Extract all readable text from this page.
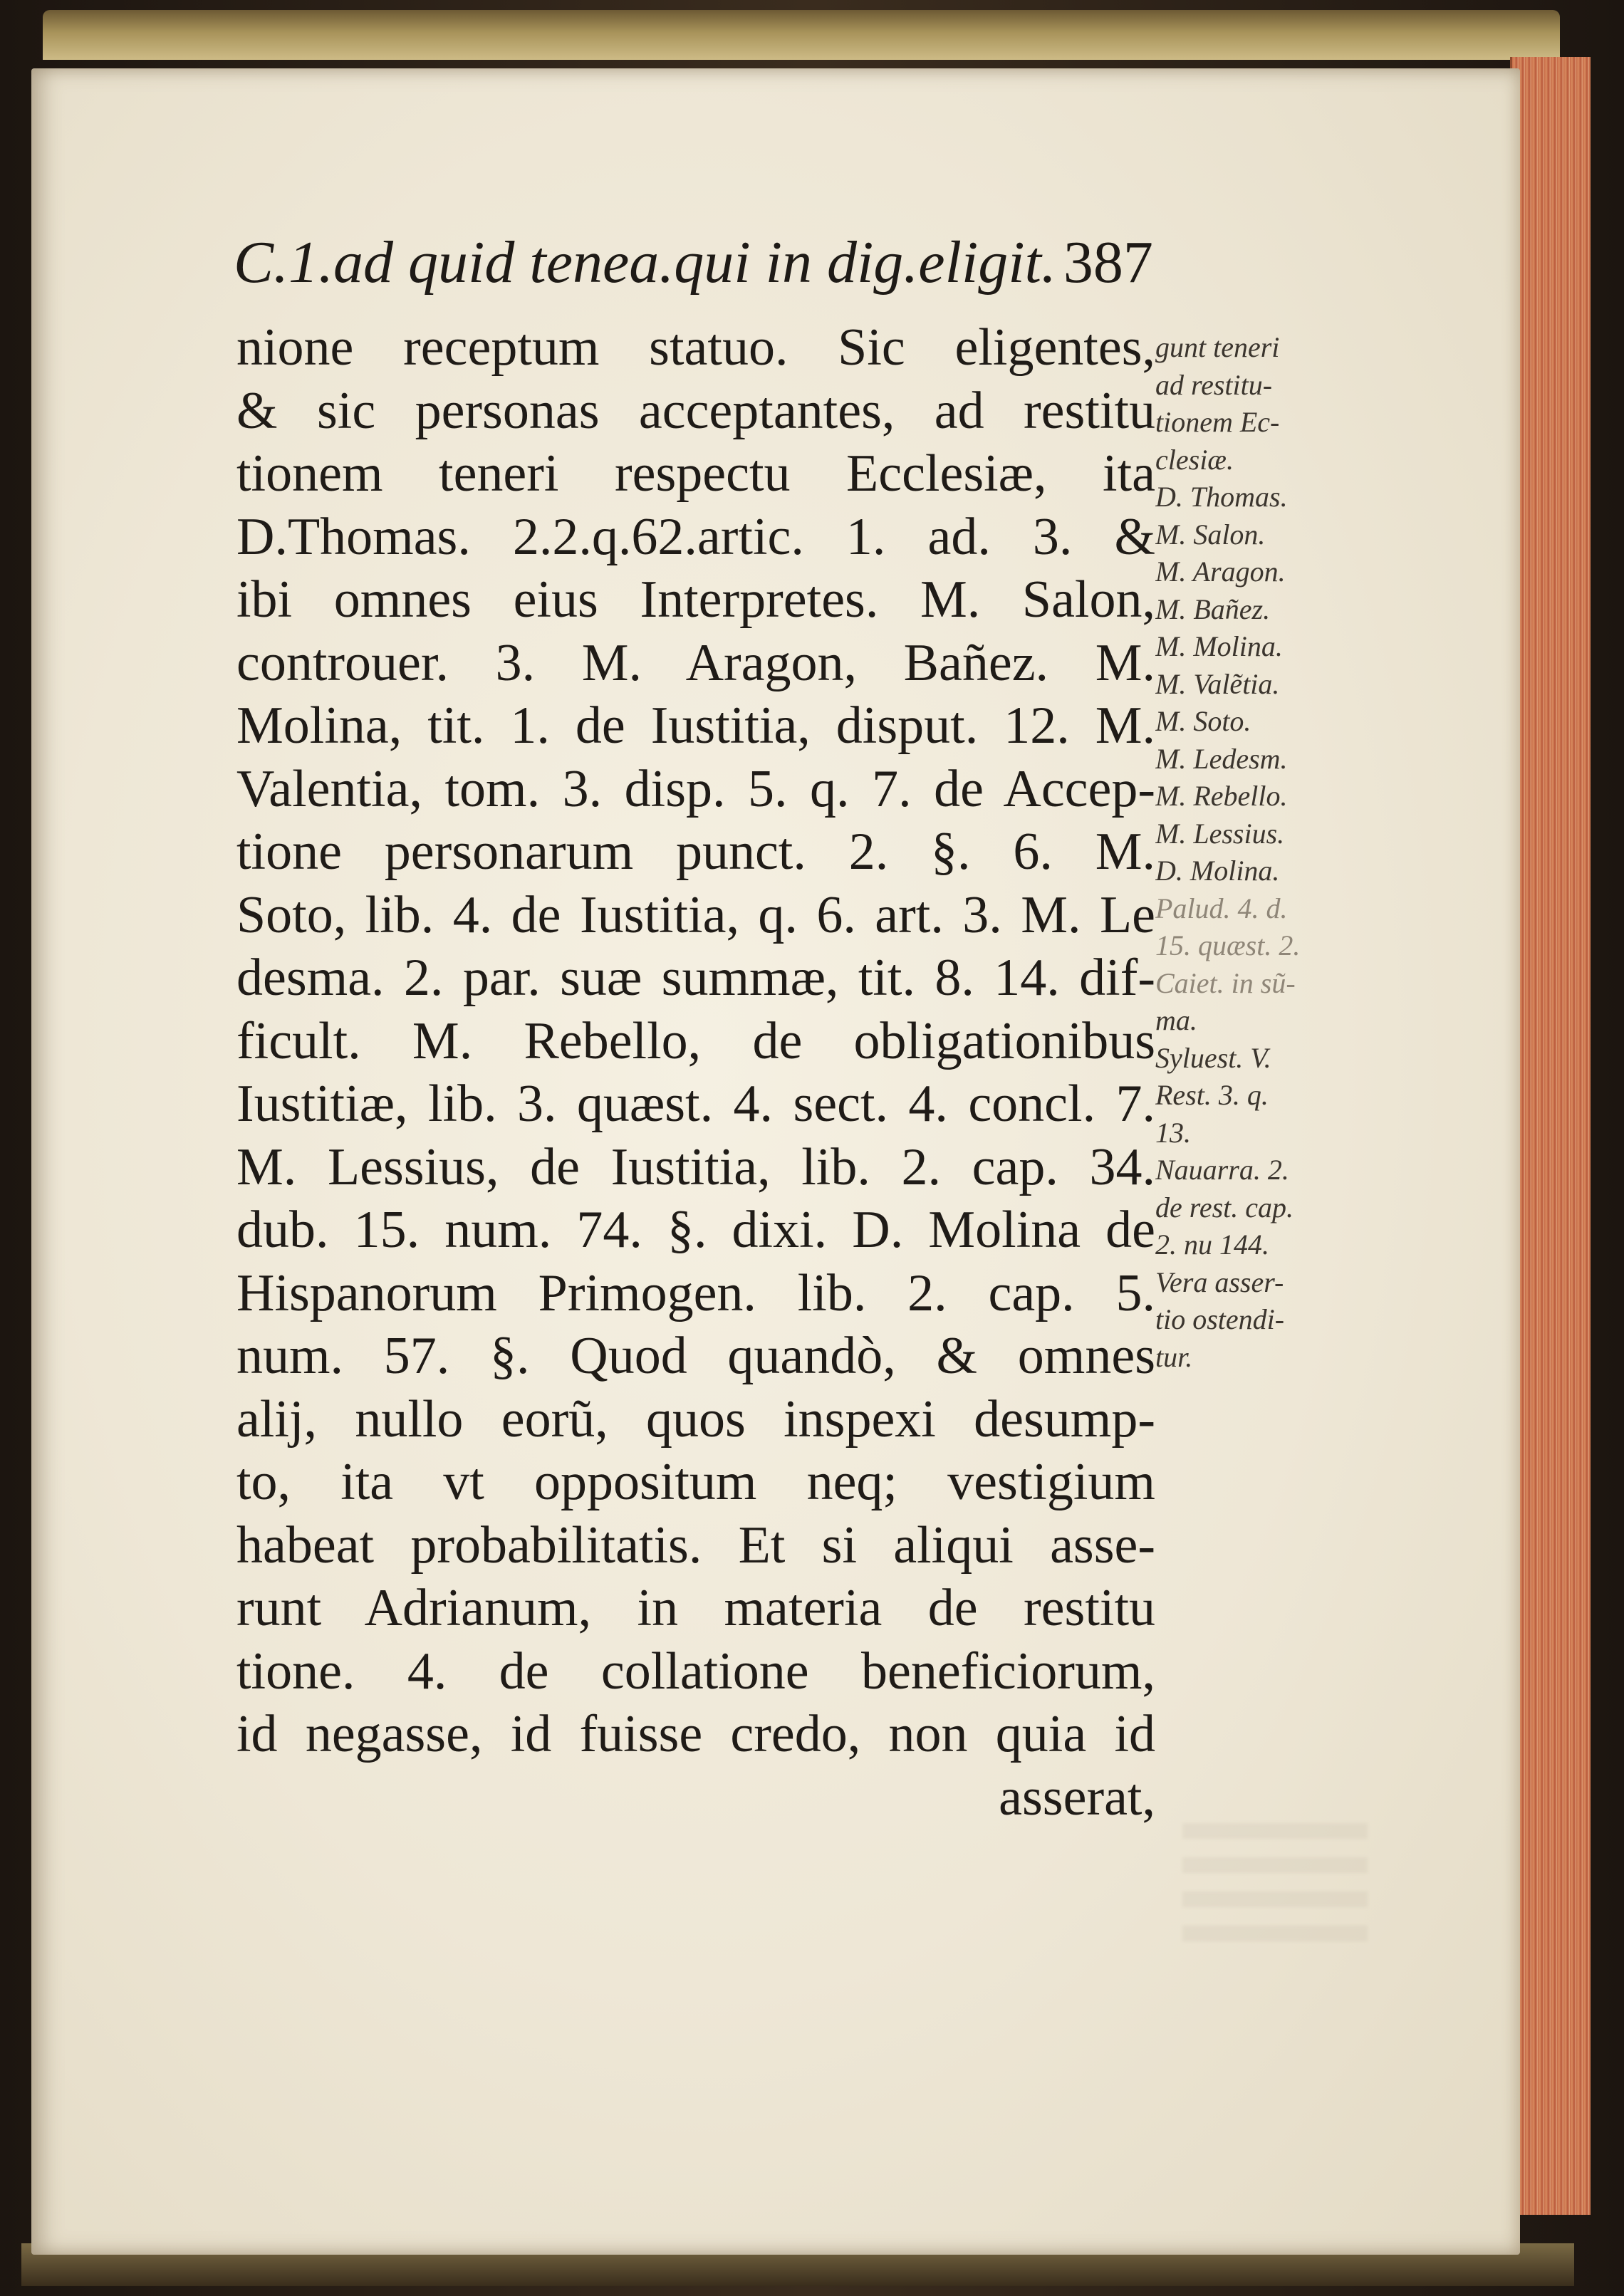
C.1.ad quid tenea.qui in dig.eligit. 387
nione receptum statuo. Sic eligentes,
& sic personas acceptantes, ad restitu
tionem teneri respectu Ecclesiæ, ita
D.Thomas. 2.2.q.62.artic. 1. ad. 3. &
ibi omnes eius Interpretes. M. Salon,
controuer. 3. M. Aragon, Bañez. M.
Molina, tit. 1. de Iustitia, disput. 12. M.
Valentia, tom. 3. disp. 5. q. 7. de Accep-
tione personarum punct. 2. §. 6. M.
Soto, lib. 4. de Iustitia, q. 6. art. 3. M. Le
desma. 2. par. suæ summæ, tit. 8. 14. dif-
ficult. M. Rebello, de obligationibus
Iustitiæ, lib. 3. quæst. 4. sect. 4. concl. 7.
M. Lessius, de Iustitia, lib. 2. cap. 34.
dub. 15. num. 74. §. dixi. D. Molina de
Hispanorum Primogen. lib. 2. cap. 5.
num. 57. §. Quod quandò, & omnes
alij, nullo eorũ, quos inspexi desump-
to, ita vt oppositum neq; vestigium
habeat probabilitatis. Et si aliqui asse-
runt Adrianum, in materia de restitu
tione. 4. de collatione beneficiorum,
id negasse, id fuisse credo, non quia id
asserat,
gunt teneri
ad restitu-
tionem Ec-
clesiæ.
D. Thomas.
M. Salon.
M. Aragon.
M. Bañez.
M. Molina.
M. Valẽtia.
M. Soto.
M. Ledesm.
M. Rebello.
M. Lessius.
D. Molina.
Palud. 4. d.
15. quæst. 2.
Caiet. in sũ-
ma.
Syluest. V.
Rest. 3. q.
13.
Nauarra. 2.
de rest. cap.
2. nu 144.
Vera asser-
tio ostendi-
tur.
